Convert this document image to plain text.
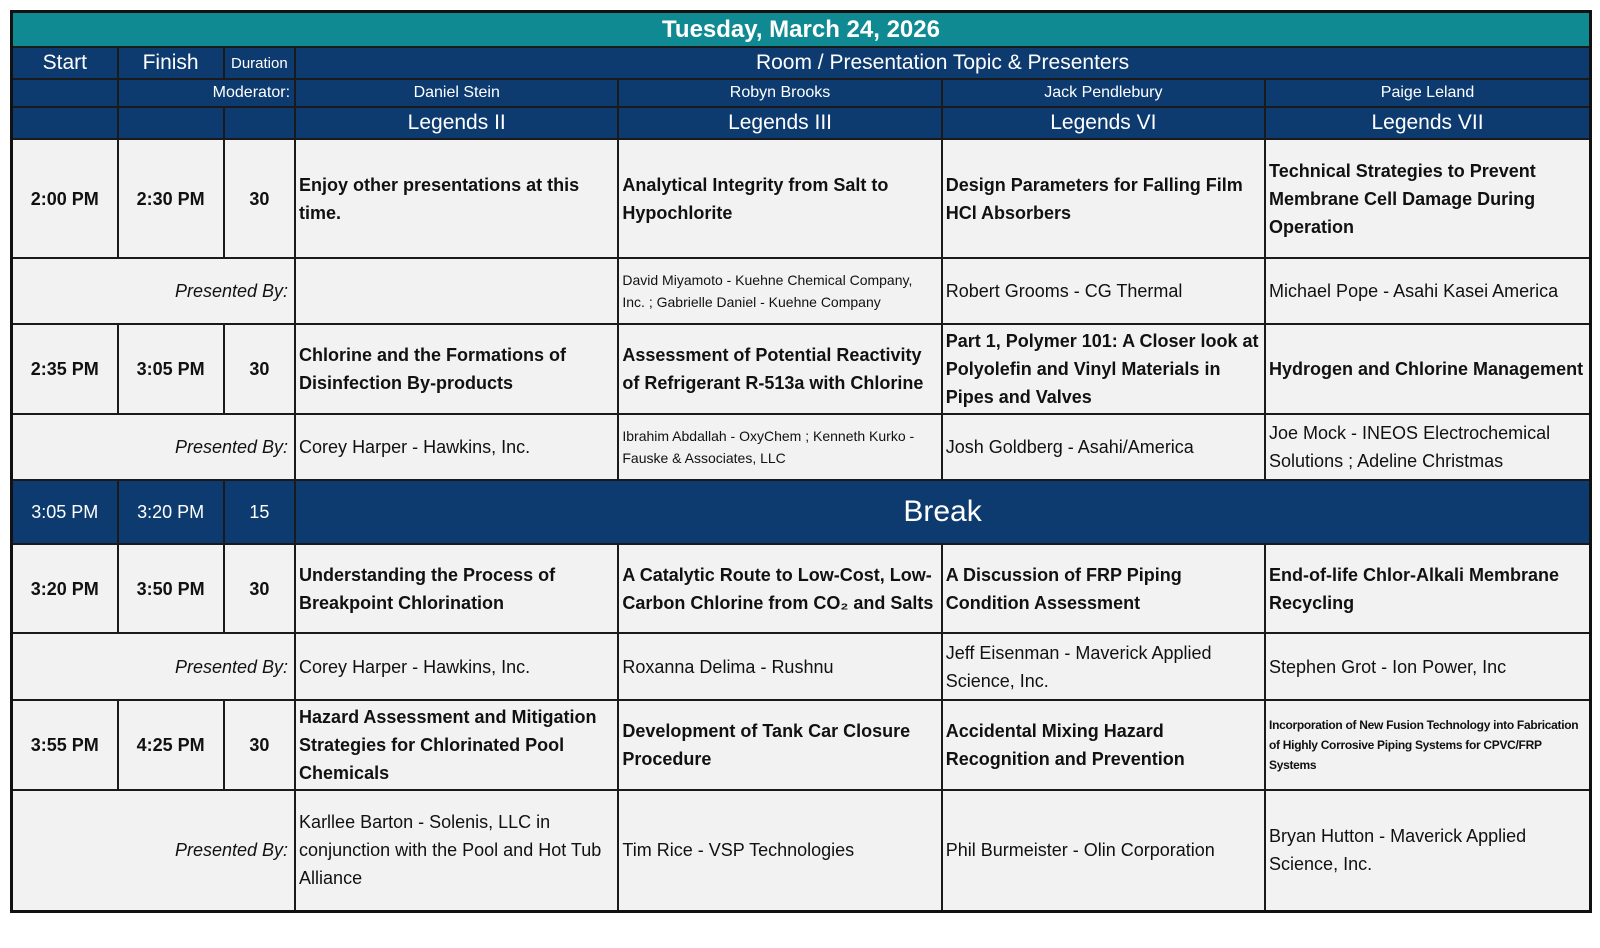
Tuesday, March 24, 2026						
Start	Finish	Duration	Room / Presentation Topic & Presenters			
	Moderator:		Daniel Stein	Robyn Brooks	Jack Pendlebury	Paige Leland
			Legends II	Legends III	Legends VI	Legends VII
2:00 PM	2:30 PM	30	Enjoy other presentations at this time.	Analytical Integrity from Salt to Hypochlorite	Design Parameters for Falling Film HCl Absorbers	Technical Strategies to Prevent Membrane Cell Damage During Operation
Presented By:				David Miyamoto - Kuehne Chemical Company, Inc. ; Gabrielle Daniel - Kuehne Company	Robert Grooms - CG Thermal	Michael Pope - Asahi Kasei America
2:35 PM	3:05 PM	30	Chlorine and the Formations of Disinfection By-products	Assessment of Potential Reactivity of Refrigerant R-513a with Chlorine	Part 1, Polymer 101: A Closer look at Polyolefin and Vinyl Materials in Pipes and Valves	Hydrogen and Chlorine Management
Presented By:			Corey Harper - Hawkins, Inc.	Ibrahim Abdallah - OxyChem ; Kenneth Kurko - Fauske & Associates, LLC	Josh Goldberg - Asahi/America	Joe Mock - INEOS Electrochemical Solutions ; Adeline Christmas
3:05 PM	3:20 PM	15	Break			
3:20 PM	3:50 PM	30	Understanding the Process of Breakpoint Chlorination	A Catalytic Route to Low-Cost, Low-Carbon Chlorine from CO₂ and Salts	A Discussion of FRP Piping Condition Assessment	End-of-life Chlor-Alkali Membrane Recycling
Presented By:			Corey Harper - Hawkins, Inc.	Roxanna Delima - Rushnu	Jeff Eisenman - Maverick Applied Science, Inc.	Stephen Grot - Ion Power, Inc
3:55 PM	4:25 PM	30	Hazard Assessment and Mitigation Strategies for Chlorinated Pool Chemicals	Development of Tank Car Closure Procedure	Accidental Mixing Hazard Recognition and Prevention	Incorporation of New Fusion Technology into Fabrication of Highly Corrosive Piping Systems for CPVC/FRP Systems
Presented By:			Karllee Barton - Solenis, LLC in conjunction with the Pool and Hot Tub Alliance	Tim Rice - VSP Technologies	Phil Burmeister - Olin Corporation	Bryan Hutton - Maverick Applied Science, Inc.
